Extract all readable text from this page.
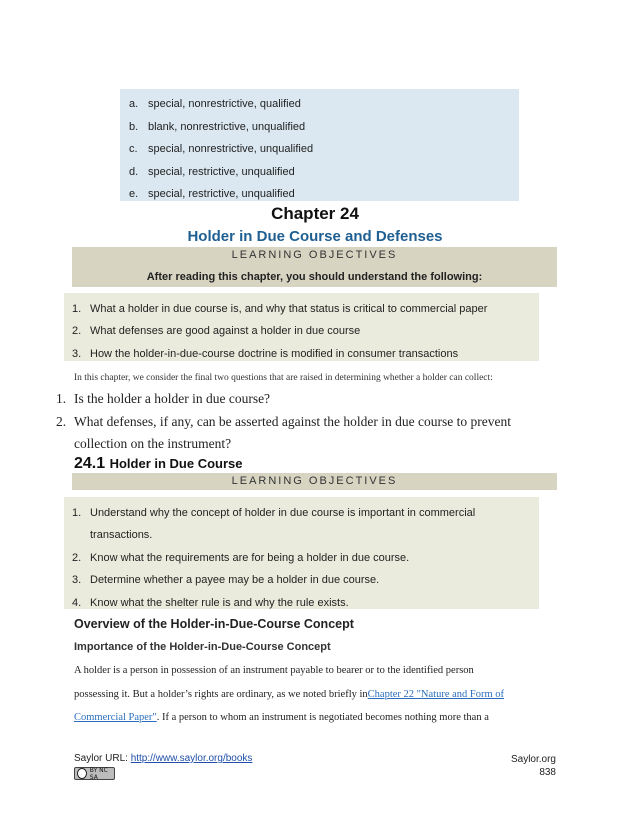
a. special, nonrestrictive, qualified
b. blank, nonrestrictive, unqualified
c. special, nonrestrictive, unqualified
d. special, restrictive, unqualified
e. special, restrictive, unqualified
Chapter 24
Holder in Due Course and Defenses
LEARNING OBJECTIVES
After reading this chapter, you should understand the following:
1. What a holder in due course is, and why that status is critical to commercial paper
2. What defenses are good against a holder in due course
3. How the holder-in-due-course doctrine is modified in consumer transactions
In this chapter, we consider the final two questions that are raised in determining whether a holder can collect:
1. Is the holder a holder in due course?
2. What defenses, if any, can be asserted against the holder in due course to prevent
collection on the instrument?
24.1 Holder in Due Course
LEARNING OBJECTIVES
1. Understand why the concept of holder in due course is important in commercial
transactions.
2. Know what the requirements are for being a holder in due course.
3. Determine whether a payee may be a holder in due course.
4. Know what the shelter rule is and why the rule exists.
Overview of the Holder-in-Due-Course Concept
Importance of the Holder-in-Due-Course Concept
A holder is a person in possession of an instrument payable to bearer or to the identified person
possessing it. But a holder’s rights are ordinary, as we noted briefly inChapter 22 "Nature and Form of
Commercial Paper". If a person to whom an instrument is negotiated becomes nothing more than a
Saylor URL: http://www.saylor.org/books
BY NC SA
Saylor.org
838
